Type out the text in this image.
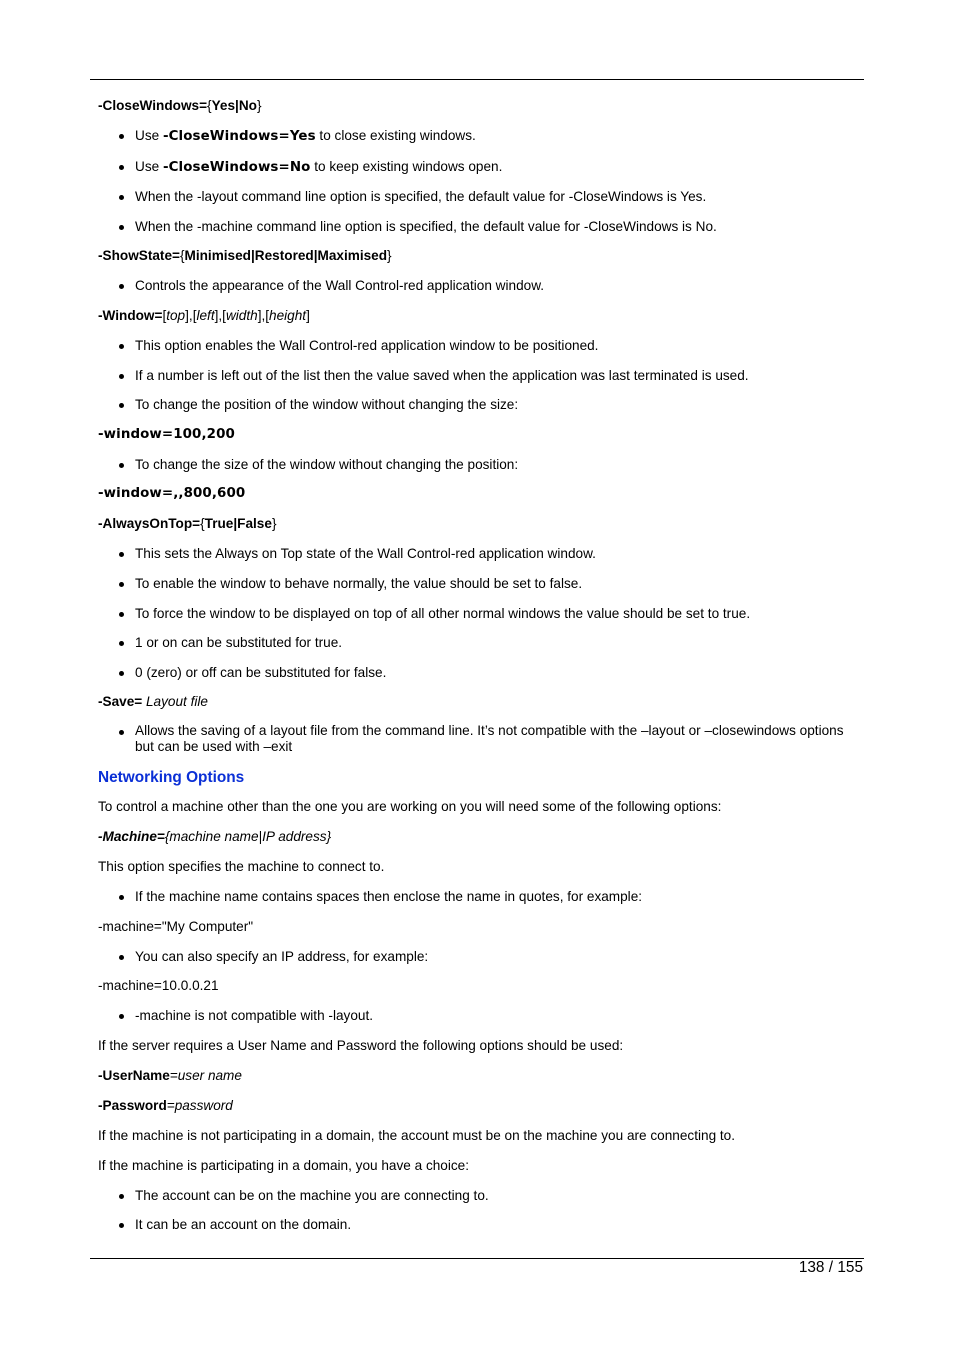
-CloseWindows={Yes|No}

Use -CloseWindows=Yes to close existing windows.
Use -CloseWindows=No to keep existing windows open.
When the -layout command line option is specified, the default value for -CloseWindows is Yes.
When the -machine command line option is specified, the default value for -CloseWindows is No.

-ShowState={Minimised|Restored|Maximised}

Controls the appearance of the Wall Control-red application window.

-Window=[top],[left],[width],[height]

This option enables the Wall Control-red application window to be positioned.
If a number is left out of the list then the value saved when the application was last terminated is used.
To change the position of the window without changing the size:

-window=100,200

To change the size of the window without changing the position:

-window=,,800,600

-AlwaysOnTop={True|False}

This sets the Always on Top state of the Wall Control-red application window.
To enable the window to behave normally, the value should be set to false.
To force the window to be displayed on top of all other normal windows the value should be set to true.
1 or on can be substituted for true.
0 (zero) or off can be substituted for false.

-Save= Layout file

Allows the saving of a layout file from the command line. It’s not compatible with the –layout or –closewindows options
but can be used with –exit

Networking Options

To control a machine other than the one you are working on you will need some of the following options:

-Machine={machine name|IP address}

This option specifies the machine to connect to.

If the machine name contains spaces then enclose the name in quotes, for example:

-machine="My Computer"

You can also specify an IP address, for example:

-machine=10.0.0.21

-machine is not compatible with -layout.

If the server requires a User Name and Password the following options should be used:

-UserName=user name

-Password=password

If the machine is not participating in a domain, the account must be on the machine you are connecting to.

If the machine is participating in a domain, you have a choice:

The account can be on the machine you are connecting to.
It can be an account on the domain.
138 / 155
